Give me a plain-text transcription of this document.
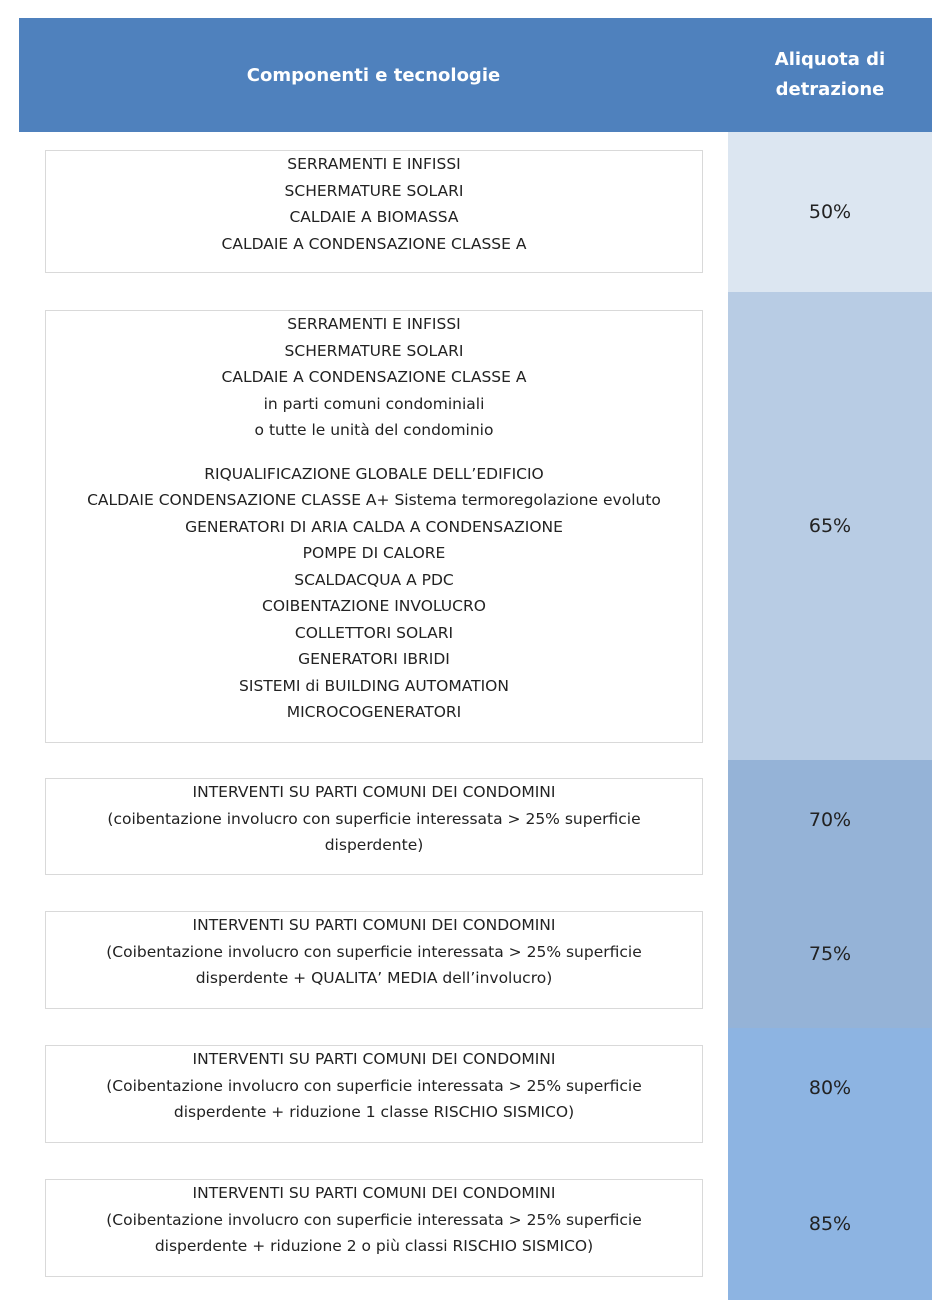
Componenti e tecnologie
Aliquota di
detrazione
50%
SERRAMENTI E INFISSI
SCHERMATURE SOLARI
CALDAIE A BIOMASSA
CALDAIE A CONDENSAZIONE CLASSE A
65%
SERRAMENTI E INFISSI
SCHERMATURE SOLARI
CALDAIE A CONDENSAZIONE CLASSE A
in parti comuni condominiali
o tutte le unità del condominio
RIQUALIFICAZIONE GLOBALE DELL’EDIFICIO
CALDAIE CONDENSAZIONE CLASSE A+ Sistema termoregolazione evoluto
GENERATORI DI ARIA CALDA A CONDENSAZIONE
POMPE DI CALORE
SCALDACQUA A PDC
COIBENTAZIONE INVOLUCRO
COLLETTORI SOLARI
GENERATORI IBRIDI
SISTEMI di BUILDING AUTOMATION
MICROCOGENERATORI
70%
INTERVENTI SU PARTI COMUNI DEI CONDOMINI
(coibentazione involucro con superficie interessata > 25% superficie
disperdente)
75%
INTERVENTI SU PARTI COMUNI DEI CONDOMINI
(Coibentazione involucro con superficie interessata > 25% superficie
disperdente + QUALITA’ MEDIA dell’involucro)
80%
INTERVENTI SU PARTI COMUNI DEI CONDOMINI
(Coibentazione involucro con superficie interessata > 25% superficie
disperdente + riduzione 1 classe RISCHIO SISMICO)
85%
INTERVENTI SU PARTI COMUNI DEI CONDOMINI
(Coibentazione involucro con superficie interessata > 25% superficie
disperdente + riduzione 2 o più classi RISCHIO SISMICO)
